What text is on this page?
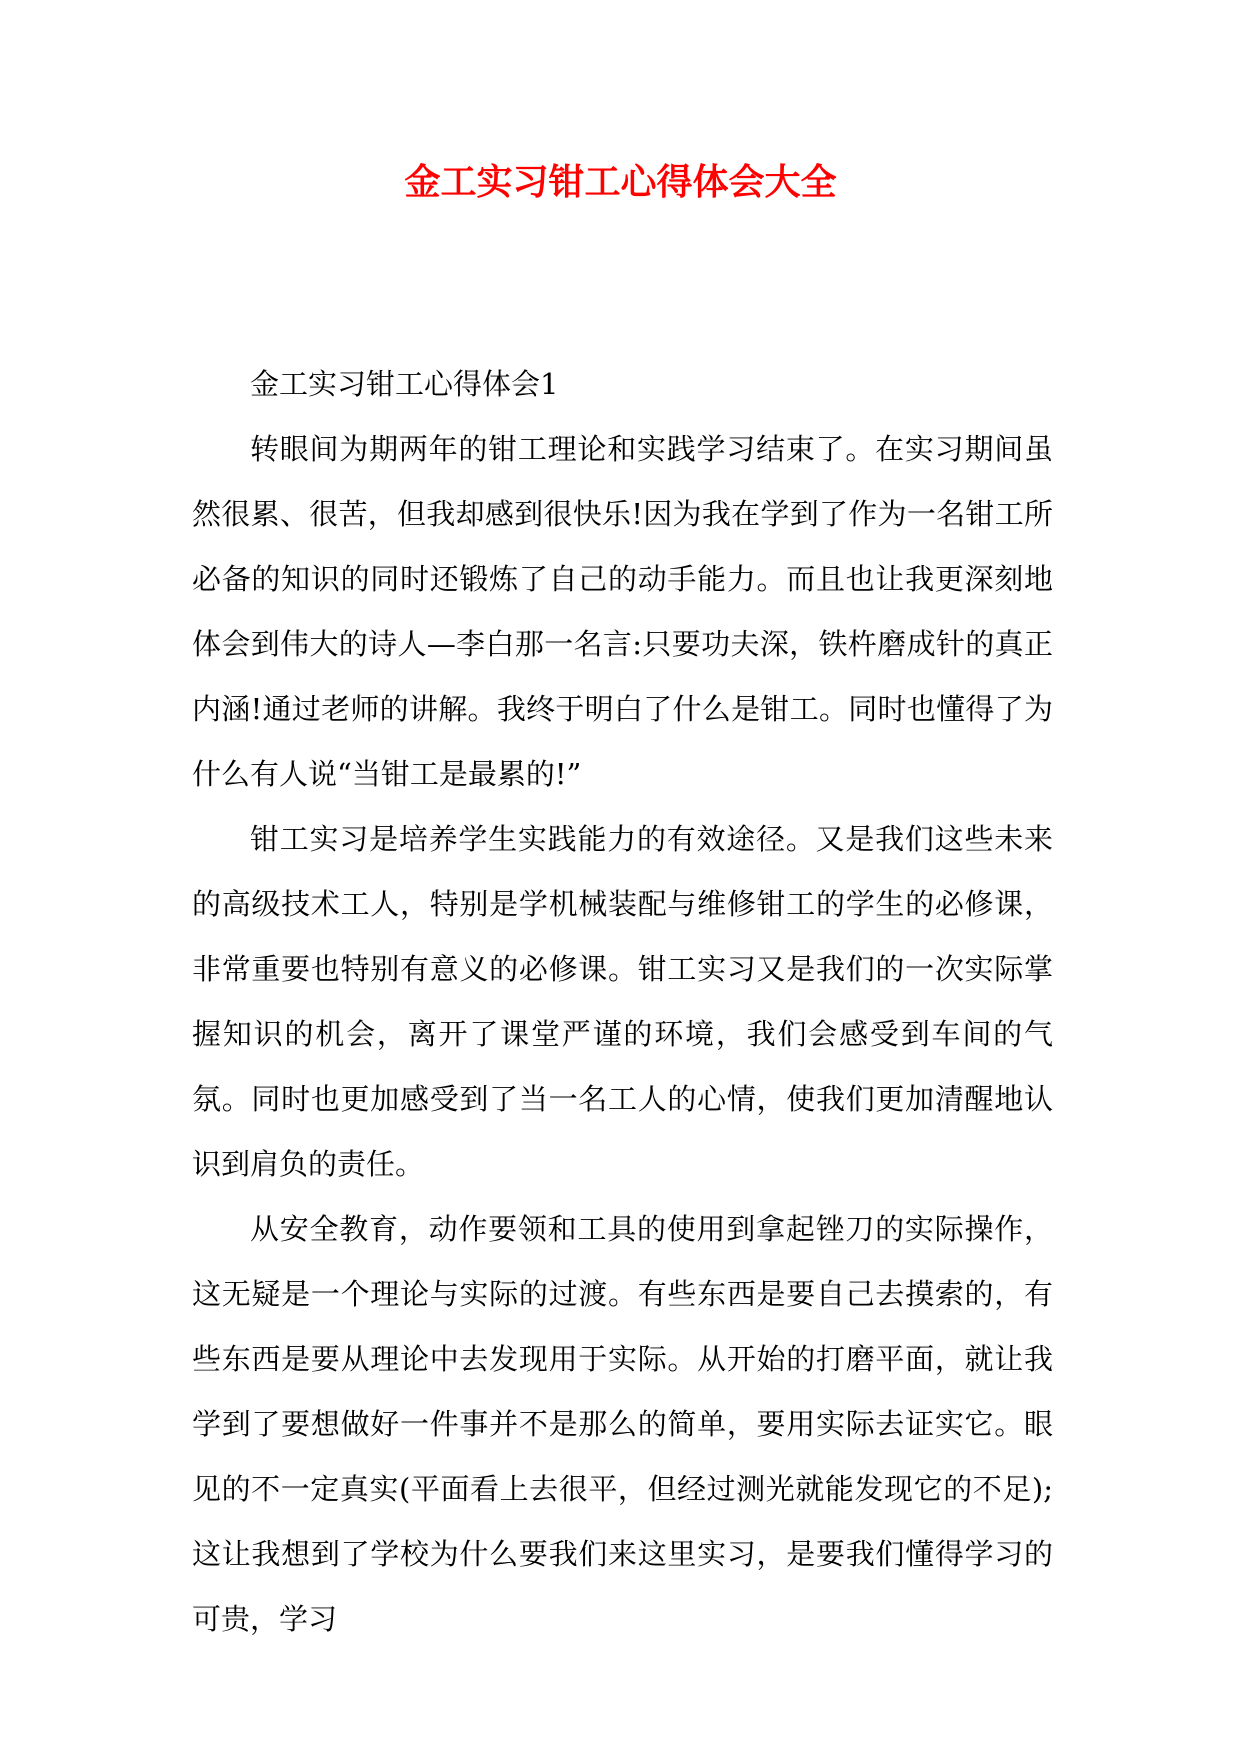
金工实习钳工心得体会大全

金工实习钳工心得体会1

转眼间为期两年的钳工理论和实践学习结束了。在实习期间虽然很累、很苦，但我却感到很快乐!因为我在学到了作为一名钳工所必备的知识的同时还锻炼了自己的动手能力。而且也让我更深刻地体会到伟大的诗人—李白那一名言:只要功夫深，铁杵磨成针的真正内涵!通过老师的讲解。我终于明白了什么是钳工。同时也懂得了为什么有人说“当钳工是最累的!”

钳工实习是培养学生实践能力的有效途径。又是我们这些未来的高级技术工人，特别是学机械装配与维修钳工的学生的必修课，非常重要也特别有意义的必修课。钳工实习又是我们的一次实际掌握知识的机会，离开了课堂严谨的环境，我们会感受到车间的气氛。同时也更加感受到了当一名工人的心情，使我们更加清醒地认识到肩负的责任。

从安全教育，动作要领和工具的使用到拿起锉刀的实际操作，这无疑是一个理论与实际的过渡。有些东西是要自己去摸索的，有些东西是要从理论中去发现用于实际。从开始的打磨平面，就让我学到了要想做好一件事并不是那么的简单，要用实际去证实它。眼见的不一定真实(平面看上去很平，但经过测光就能发现它的不足);这让我想到了学校为什么要我们来这里实习，是要我们懂得学习的可贵，学习
